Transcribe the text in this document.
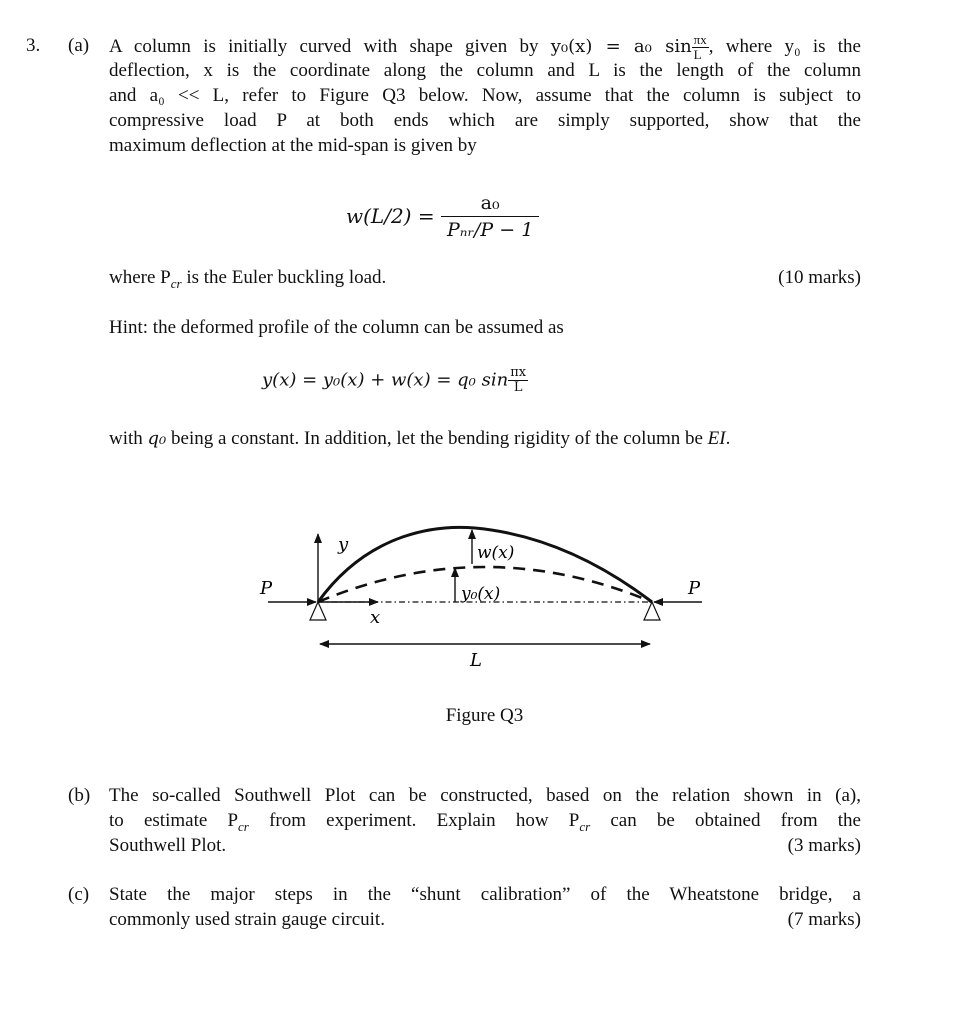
3. (a) A column is initially curved with shape given by y₀(x) = a₀ $\sin \frac{\pi x}{L}$ , where y₀ is the
deflection, x is the coordinate along the column and L is the length of the column
and a₀ << L, refer to Figure Q3 below. Now, assume that the column is subject to
compressive load P at both ends which are simply supported, show that the
maximum deflection at the mid-span is given by
$w(L/2) = \frac{\text{a₀}}{\text{Pₙᵣ/P − 1}}$
where $P_{cr}$ is the Euler buckling load.	(10 marks)
Hint: the deformed profile of the column can be assumed as
y(x) = y₀(x) + w(x) = q₀ $\sin \frac{\pi x}{L}$
with q₀ being a constant. In addition, let the bending rigidity of the column be EI.
y
x
L
P	P
w(x)
y₀(x)
Figure Q3
(b) The so-called Southwell Plot can be constructed, based on the relation shown in (a),
to estimate $P_{cr}$ from experiment. Explain how $P_{cr}$ can be obtained from the
Southwell Plot.	(3 marks)
(c) State the major steps in the “shunt calibration” of the Wheatstone bridge, a
commonly used strain gauge circuit.	(7 marks)
